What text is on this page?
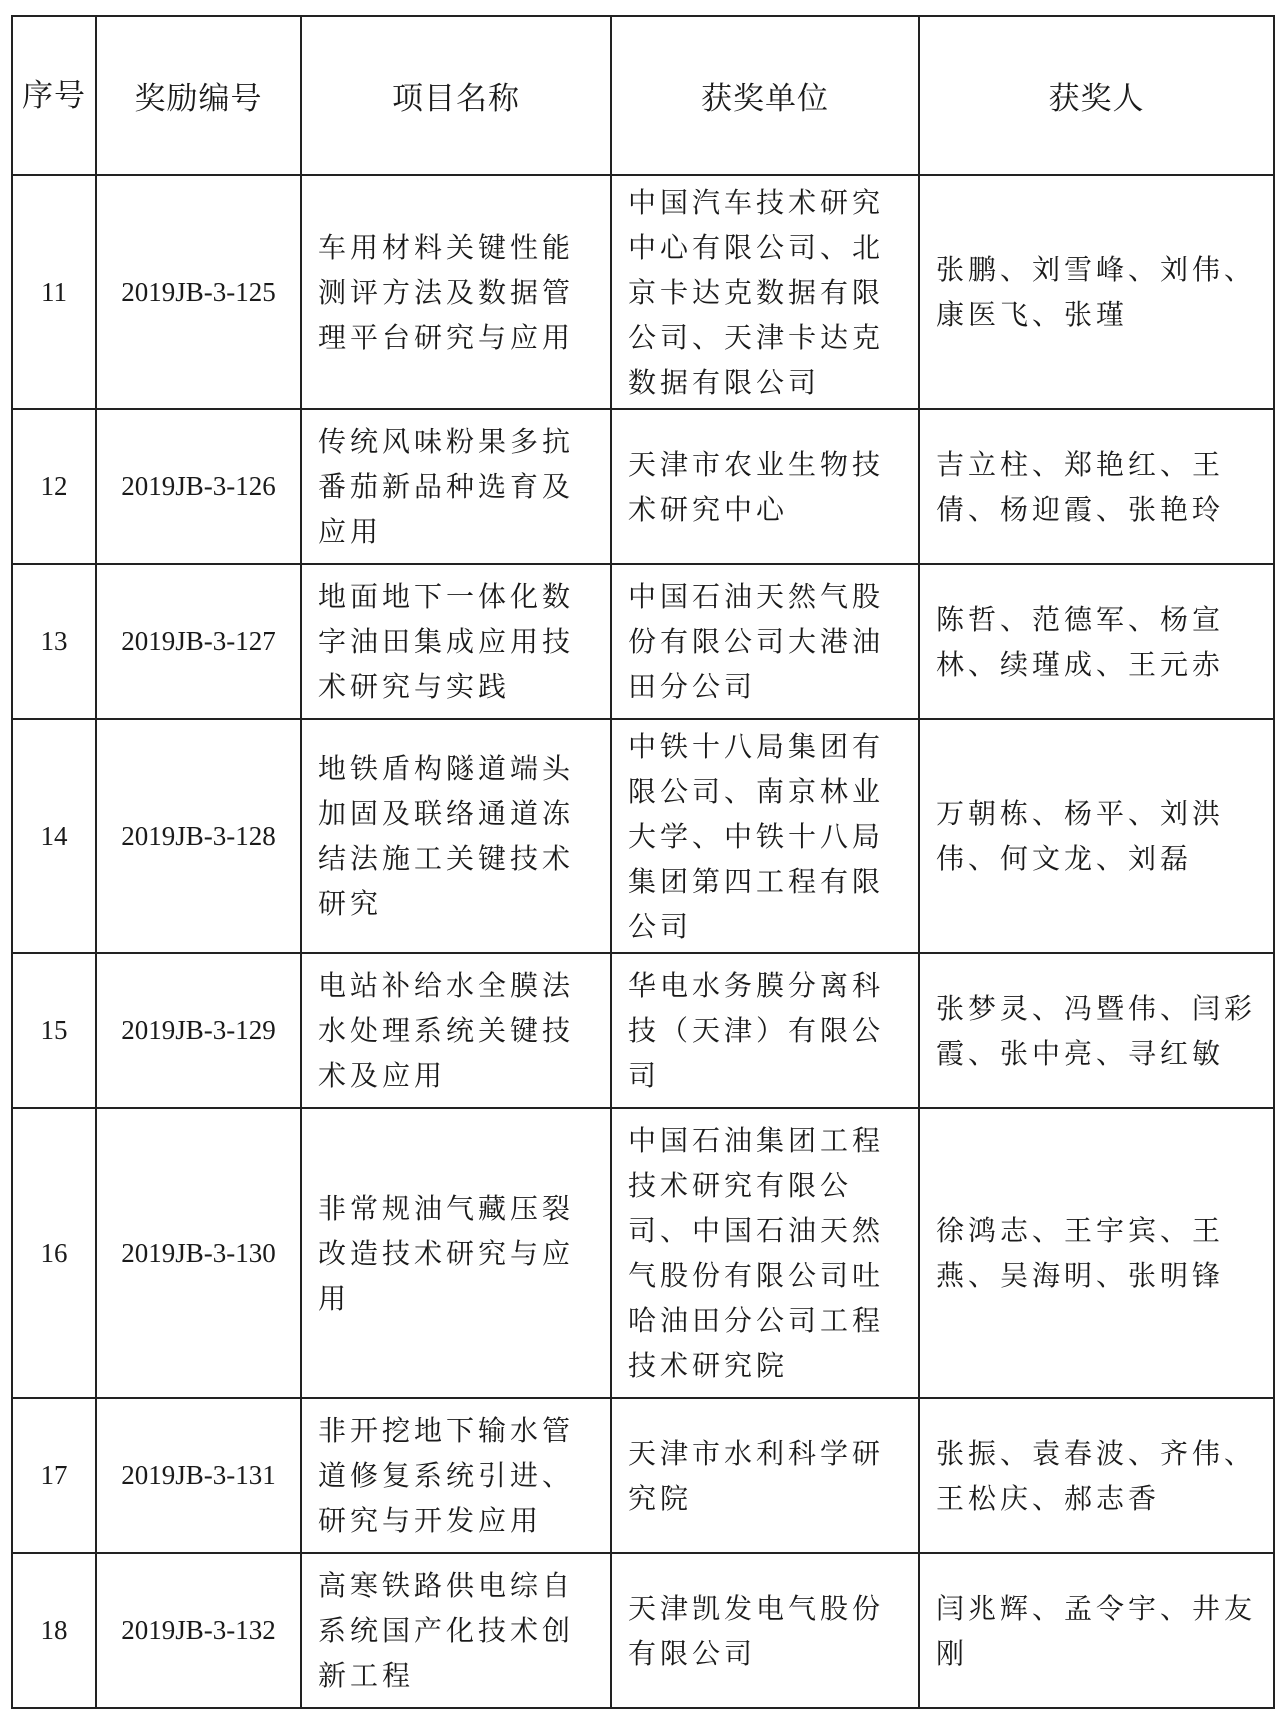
序号	奖励编号	项目名称	获奖单位	获奖人
11	2019JB-3-125	车用材料关键性能测评方法及数据管理平台研究与应用	中国汽车技术研究中心有限公司、北京卡达克数据有限公司、天津卡达克数据有限公司	张鹏、刘雪峰、刘伟、康医飞、张瑾
12	2019JB-3-126	传统风味粉果多抗番茄新品种选育及应用	天津市农业生物技术研究中心	吉立柱、郑艳红、王倩、杨迎霞、张艳玲
13	2019JB-3-127	地面地下一体化数字油田集成应用技术研究与实践	中国石油天然气股份有限公司大港油田分公司	陈哲、范德军、杨宣林、续瑾成、王元赤
14	2019JB-3-128	地铁盾构隧道端头加固及联络通道冻结法施工关键技术研究	中铁十八局集团有限公司、南京林业大学、中铁十八局集团第四工程有限公司	万朝栋、杨平、刘洪伟、何文龙、刘磊
15	2019JB-3-129	电站补给水全膜法水处理系统关键技术及应用	华电水务膜分离科技（天津）有限公司	张梦灵、冯暨伟、闫彩霞、张中亮、寻红敏
16	2019JB-3-130	非常规油气藏压裂改造技术研究与应用	中国石油集团工程技术研究有限公司、中国石油天然气股份有限公司吐哈油田分公司工程技术研究院	徐鸿志、王宇宾、王燕、吴海明、张明锋
17	2019JB-3-131	非开挖地下输水管道修复系统引进、研究与开发应用	天津市水利科学研究院	张振、袁春波、齐伟、王松庆、郝志香
18	2019JB-3-132	高寒铁路供电综自系统国产化技术创新工程	天津凯发电气股份有限公司	闫兆辉、孟令宇、井友刚
